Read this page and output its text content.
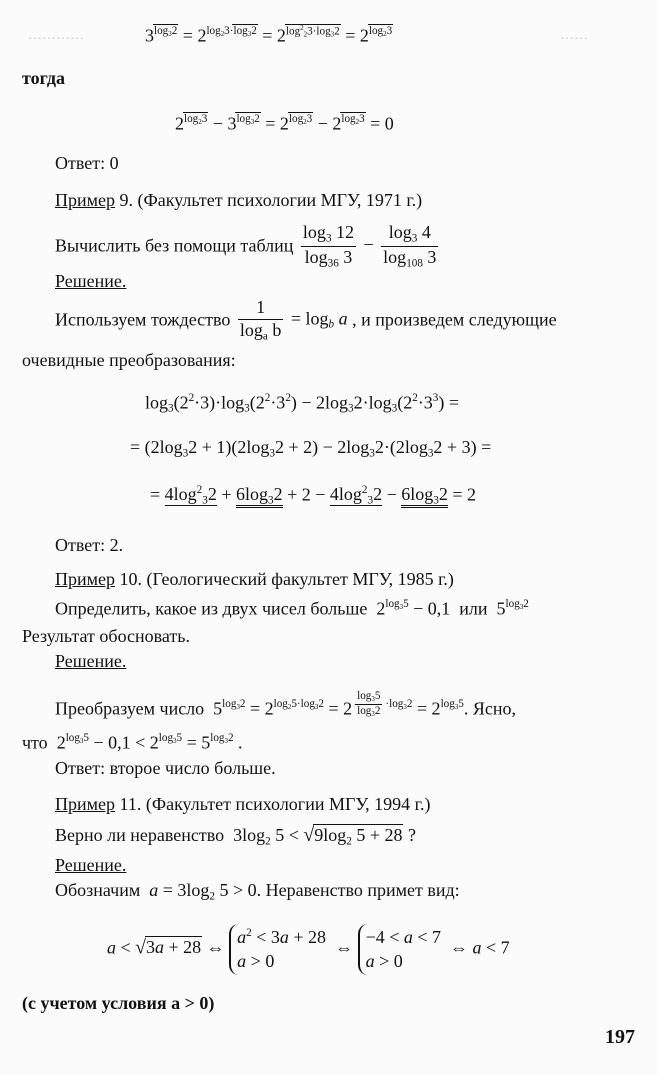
…………	$3^{log_32} = 2^{log_23\cdot log_32} = 2^{log^2_23\cdot log_32} = 2^{log_23}$	……
тогда
$2^{log_23} - 3^{log_32} = 2^{log_23} - 2^{log_23} = 0$
Ответ: 0
Пример 9. (Факультет психологии МГУ, 1971 г.)
Вычислить без помощи таблиц $\frac{\log_3 12}{\log_{36} 3} - \frac{\log_3 4}{\log_{108} 3}$
Решение.
Используем тождество $\frac{1}{\log_a b} = \log_b a$ , и произведем следующие
очевидные преобразования:
$\log_3(2^2\cdot 3)\cdot\log_3(2^2\cdot 3^2) - 2\log_32\cdot\log_3(2^2\cdot 3^3)$ =
= $(2\log_32 + 1)(2\log_32 + 2) - 2\log_32\cdot(2\log_32 + 3)$ =
= $4\log^2_32 + 6\log_32 + 2 - 4\log^2_32 - 6\log_32 = 2$
Ответ: 2.
Пример 10. (Геологический факультет МГУ, 1985 г.)
Определить, какое из двух чисел больше  $2^{log_35} - 0,1$  или  $5^{log_32}$
Результат обосновать.
Решение.
Преобразуем число  $5^{log_32} = 2^{log_25\cdot log_32} = 2$ $^{\frac{\log_35}{\log_32} \cdot log_32} = 2^{log_35}$. Ясно,
что  $2^{log_35} - 0,1 < 2^{log_35} = 5^{log_32}$ .
Ответ: второе число больше.
Пример 11. (Факультет психологии МГУ, 1994 г.)
Верно ли неравенство  $3\log_2$ $5 < √9\log_2$ 5 + 28 ?
Решение.
Обозначим $a = 3\log_2$ 5 > 0. Неравенство примет вид:
a < √3a + 28 ⇔ $a^2 < 3a + 28$
a > 0  ⇔ −4 < a < 7
a > 0  ⇔ a < 7
(с учетом условия a > 0)
197
